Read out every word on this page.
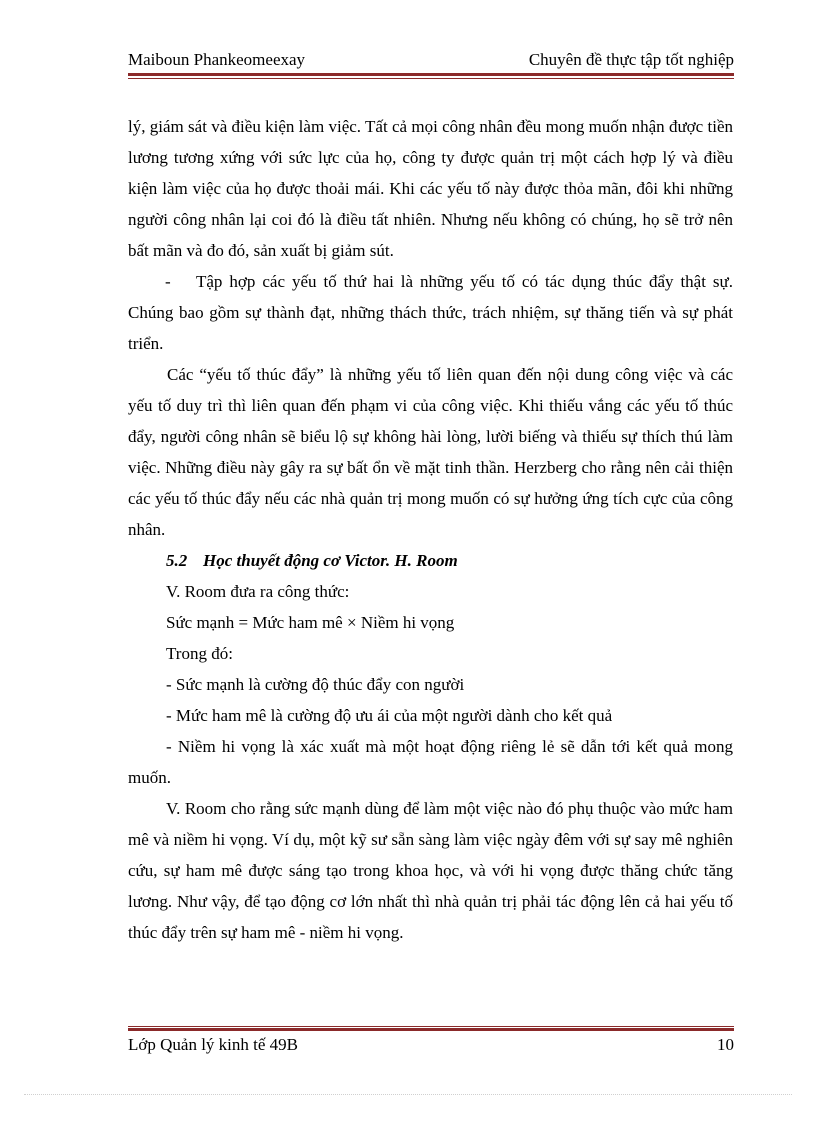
Maiboun Phankeomeexay	Chuyên đề thực tập tốt nghiệp

lý, giám sát và điều kiện làm việc. Tất cả mọi công nhân đều mong muốn nhận được tiền lương tương xứng với sức lực của họ, công ty được quản trị một cách hợp lý và điều kiện làm việc của họ được thoải mái. Khi các yếu tố này được thỏa mãn, đôi khi những người công nhân lại coi đó là điều tất nhiên. Nhưng nếu không có chúng, họ sẽ trở nên bất mãn và đo đó, sản xuất bị giảm sút.

- Tập hợp các yếu tố thứ hai là những yếu tố có tác dụng thúc đẩy thật sự. Chúng bao gồm sự thành đạt, những thách thức, trách nhiệm, sự thăng tiến và sự phát triển.

Các “yếu tố thúc đẩy” là những yếu tố liên quan đến nội dung công việc và các yếu tố duy trì thì liên quan đến phạm vi của công việc. Khi thiếu vắng các yếu tố thúc đẩy, người công nhân sẽ biểu lộ sự không hài lòng, lười biếng và thiếu sự thích thú làm việc. Những điều này gây ra sự bất ổn về mặt tinh thần. Herzberg cho rằng nên cải thiện các yếu tố thúc đẩy nếu các nhà quản trị mong muốn có sự hưởng ứng tích cực của công nhân.

5.2 Học thuyết động cơ Victor. H. Room

V. Room đưa ra công thức:

Sức mạnh = Mức ham mê × Niềm hi vọng

Trong đó:

- Sức mạnh là cường độ thúc đẩy con người

- Mức ham mê là cường độ ưu ái của một người dành cho kết quả

- Niềm hi vọng là xác xuất mà một hoạt động riêng lẻ sẽ dẫn tới kết quả mong muốn.

V. Room cho rằng sức mạnh dùng để làm một việc nào đó phụ thuộc vào mức ham mê và niềm hi vọng. Ví dụ, một kỹ sư sẵn sàng làm việc ngày đêm với sự say mê nghiên cứu, sự ham mê được sáng tạo trong khoa học, và với hi vọng được thăng chức tăng lương. Như vậy, để tạo động cơ lớn nhất thì nhà quản trị phải tác động lên cả hai yếu tố thúc đẩy trên sự ham mê - niềm hi vọng.

Lớp Quản lý kinh tế 49B	10
